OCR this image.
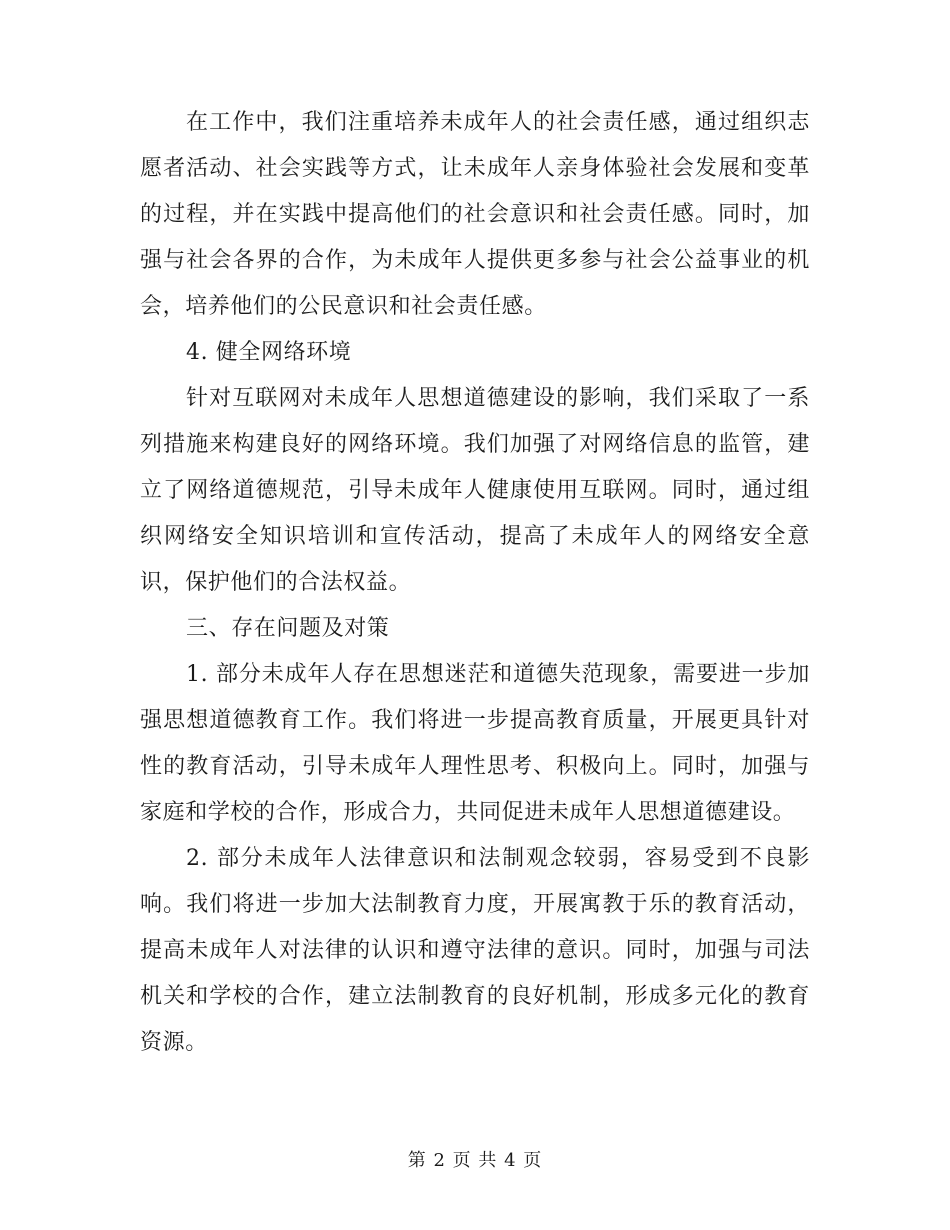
在工作中，我们注重培养未成年人的社会责任感，通过组织志愿者活动、社会实践等方式，让未成年人亲身体验社会发展和变革的过程，并在实践中提高他们的社会意识和社会责任感。同时，加强与社会各界的合作，为未成年人提供更多参与社会公益事业的机会，培养他们的公民意识和社会责任感。

4. 健全网络环境

针对互联网对未成年人思想道德建设的影响，我们采取了一系列措施来构建良好的网络环境。我们加强了对网络信息的监管，建立了网络道德规范，引导未成年人健康使用互联网。同时，通过组织网络安全知识培训和宣传活动，提高了未成年人的网络安全意识，保护他们的合法权益。

三、存在问题及对策

1. 部分未成年人存在思想迷茫和道德失范现象，需要进一步加强思想道德教育工作。我们将进一步提高教育质量，开展更具针对性的教育活动，引导未成年人理性思考、积极向上。同时，加强与家庭和学校的合作，形成合力，共同促进未成年人思想道德建设。

2. 部分未成年人法律意识和法制观念较弱，容易受到不良影响。我们将进一步加大法制教育力度，开展寓教于乐的教育活动，提高未成年人对法律的认识和遵守法律的意识。同时，加强与司法机关和学校的合作，建立法制教育的良好机制，形成多元化的教育资源。

第 2 页 共 4 页
